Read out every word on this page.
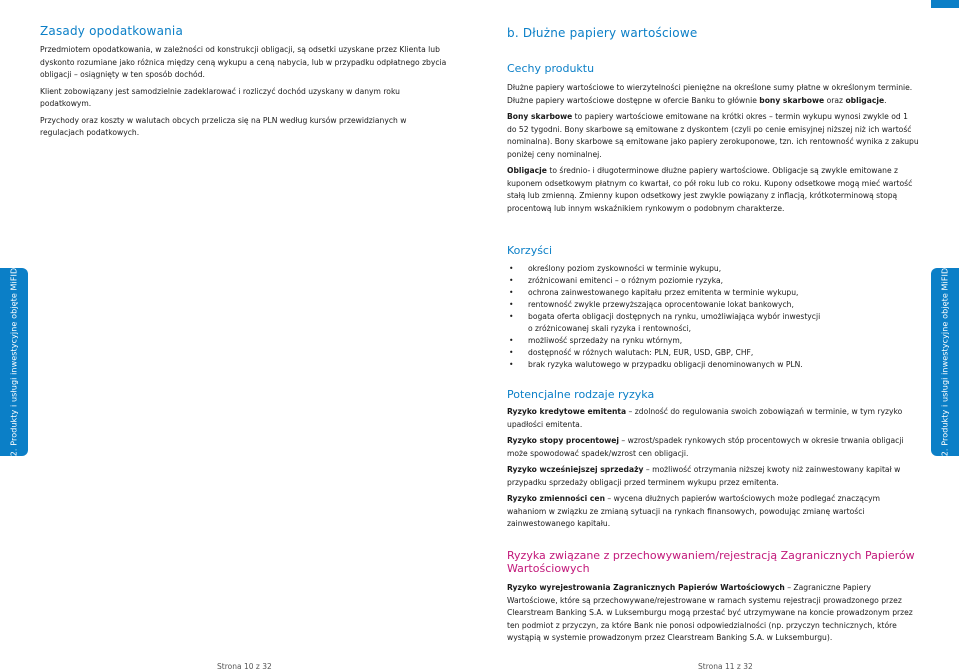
Zasady opodatkowania

Przedmiotem opodatkowania, w zależności od konstrukcji obligacji, są odsetki uzyskane przez Klienta lub dyskonto rozumiane jako różnica między ceną wykupu a ceną nabycia, lub w przypadku odpłatnego zbycia obligacji – osiągnięty w ten sposób dochód.

Klient zobowiązany jest samodzielnie zadeklarować i rozliczyć dochód uzyskany w danym roku podatkowym.

Przychody oraz koszty w walutach obcych przelicza się na PLN według kursów przewidzianych w regulacjach podatkowych.

2. Produkty i usługi inwestycyjne objęte MiFID
Strona 10 z 32
b. Dłużne papiery wartościowe
Cechy produktu

Dłużne papiery wartościowe to wierzytelności pieniężne na określone sumy płatne w określonym terminie. Dłużne papiery wartościowe dostępne w ofercie Banku to głównie bony skarbowe oraz obligacje.

Bony skarbowe to papiery wartościowe emitowane na krótki okres – termin wykupu wynosi zwykle od 1 do 52 tygodni. Bony skarbowe są emitowane z dyskontem (czyli po cenie emisyjnej niższej niż ich wartość nominalna). Bony skarbowe są emitowane jako papiery zerokuponowe, tzn. ich rentowność wynika z zakupu poniżej ceny nominalnej.

Obligacje to średnio- i długoterminowe dłużne papiery wartościowe. Obligacje są zwykle emitowane z kuponem odsetkowym płatnym co kwartał, co pół roku lub co roku. Kupony odsetkowe mogą mieć wartość stałą lub zmienną. Zmienny kupon odsetkowy jest zwykle powiązany z inflacją, krótkoterminową stopą procentową lub innym wskaźnikiem rynkowym o podobnym charakterze.

Korzyści
• określony poziom zyskowności w terminie wykupu,
• zróżnicowani emitenci – o różnym poziomie ryzyka,
• ochrona zainwestowanego kapitału przez emitenta w terminie wykupu,
• rentowność zwykle przewyższająca oprocentowanie lokat bankowych,
• bogata oferta obligacji dostępnych na rynku, umożliwiająca wybór inwestycji
o zróżnicowanej skali ryzyka i rentowności,
• możliwość sprzedaży na rynku wtórnym,
• dostępność w różnych walutach: PLN, EUR, USD, GBP, CHF,
• brak ryzyka walutowego w przypadku obligacji denominowanych w PLN.
Potencjalne rodzaje ryzyka

Ryzyko kredytowe emitenta – zdolność do regulowania swoich zobowiązań w terminie, w tym ryzyko upadłości emitenta.

Ryzyko stopy procentowej – wzrost/spadek rynkowych stóp procentowych w okresie trwania obligacji może spowodować spadek/wzrost cen obligacji.

Ryzyko wcześniejszej sprzedaży – możliwość otrzymania niższej kwoty niż zainwestowany kapitał w przypadku sprzedaży obligacji przed terminem wykupu przez emitenta.

Ryzyko zmienności cen – wycena dłużnych papierów wartościowych może podlegać znaczącym wahaniom w związku ze zmianą sytuacji na rynkach finansowych, powodując zmianę wartości zainwestowanego kapitału.

Ryzyka związane z przechowywaniem/rejestracją Zagranicznych Papierów Wartościowych

Ryzyko wyrejestrowania Zagranicznych Papierów Wartościowych – Zagraniczne Papiery Wartościowe, które są przechowywane/rejestrowane w ramach systemu rejestracji prowadzonego przez Clearstream Banking S.A. w Luksemburgu mogą przestać być utrzymywane na koncie prowadzonym przez ten podmiot z przyczyn, za które Bank nie ponosi odpowiedzialności (np. przyczyn technicznych, które wystąpią w systemie prowadzonym przez Clearstream Banking S.A. w Luksemburgu).

2. Produkty i usługi inwestycyjne objęte MiFID
Strona 11 z 32
